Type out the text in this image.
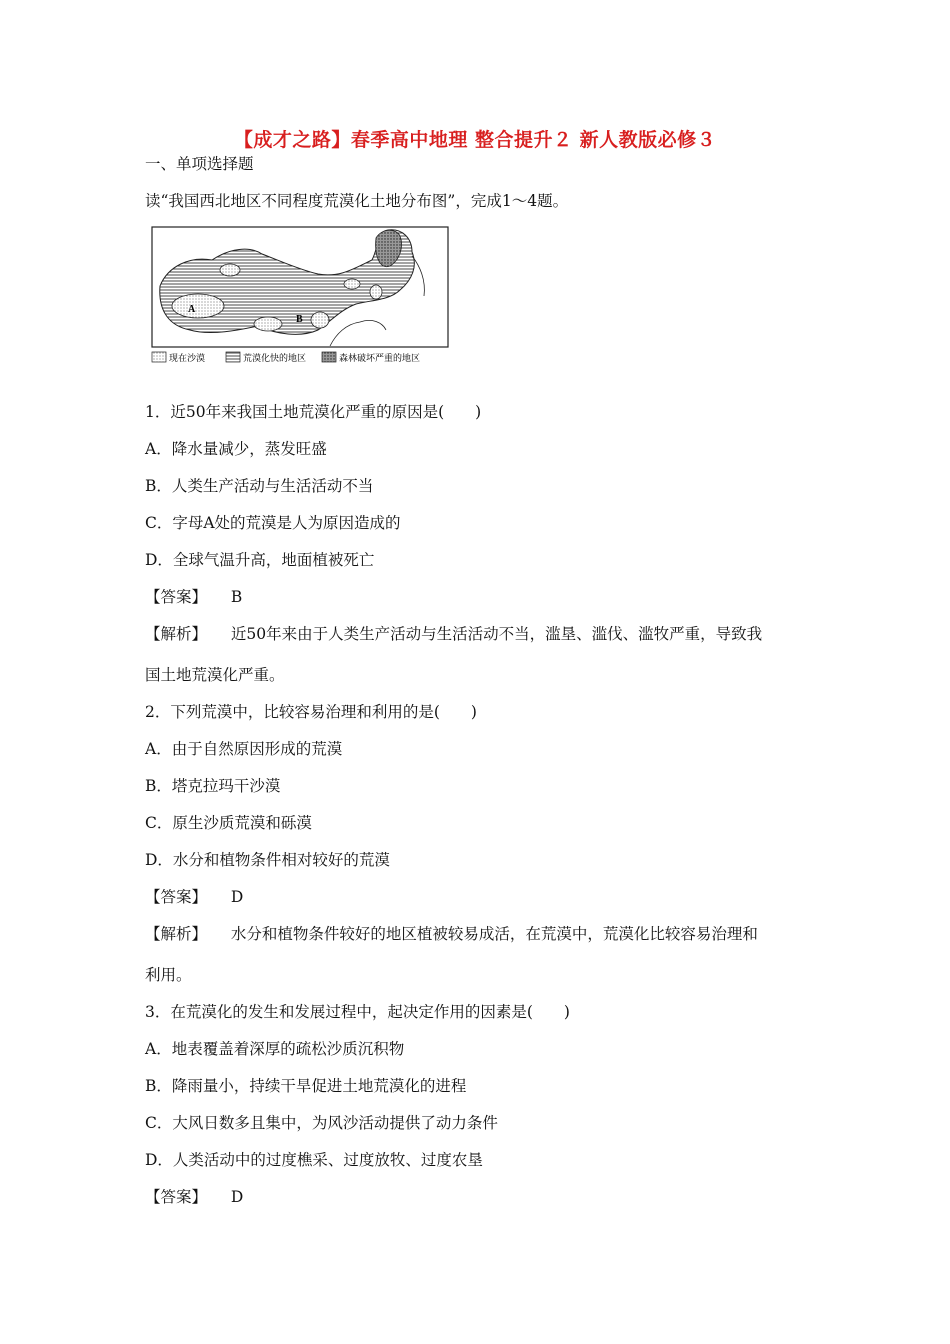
【成才之路】春季高中地理 整合提升２ 新人教版必修３
一、单项选择题
读“我国西北地区不同程度荒漠化土地分布图”，完成1～4题。
A
B
现在沙漠	荒漠化快的地区	森林破坏严重的地区
1．近50年来我国土地荒漠化严重的原因是(　　)
A．降水量减少，蒸发旺盛
B．人类生产活动与生活活动不当
C．字母A处的荒漠是人为原因造成的
D．全球气温升高，地面植被死亡
【答案】 B
【解析】 近50年来由于人类生产活动与生活活动不当，滥垦、滥伐、滥牧严重，导致我
国土地荒漠化严重。
2．下列荒漠中，比较容易治理和利用的是(　　)
A．由于自然原因形成的荒漠
B．塔克拉玛干沙漠
C．原生沙质荒漠和砾漠
D．水分和植物条件相对较好的荒漠
【答案】 D
【解析】 水分和植物条件较好的地区植被较易成活，在荒漠中，荒漠化比较容易治理和
利用。
3．在荒漠化的发生和发展过程中，起决定作用的因素是(　　)
A．地表覆盖着深厚的疏松沙质沉积物
B．降雨量小，持续干旱促进土地荒漠化的进程
C．大风日数多且集中，为风沙活动提供了动力条件
D．人类活动中的过度樵采、过度放牧、过度农垦
【答案】 D
